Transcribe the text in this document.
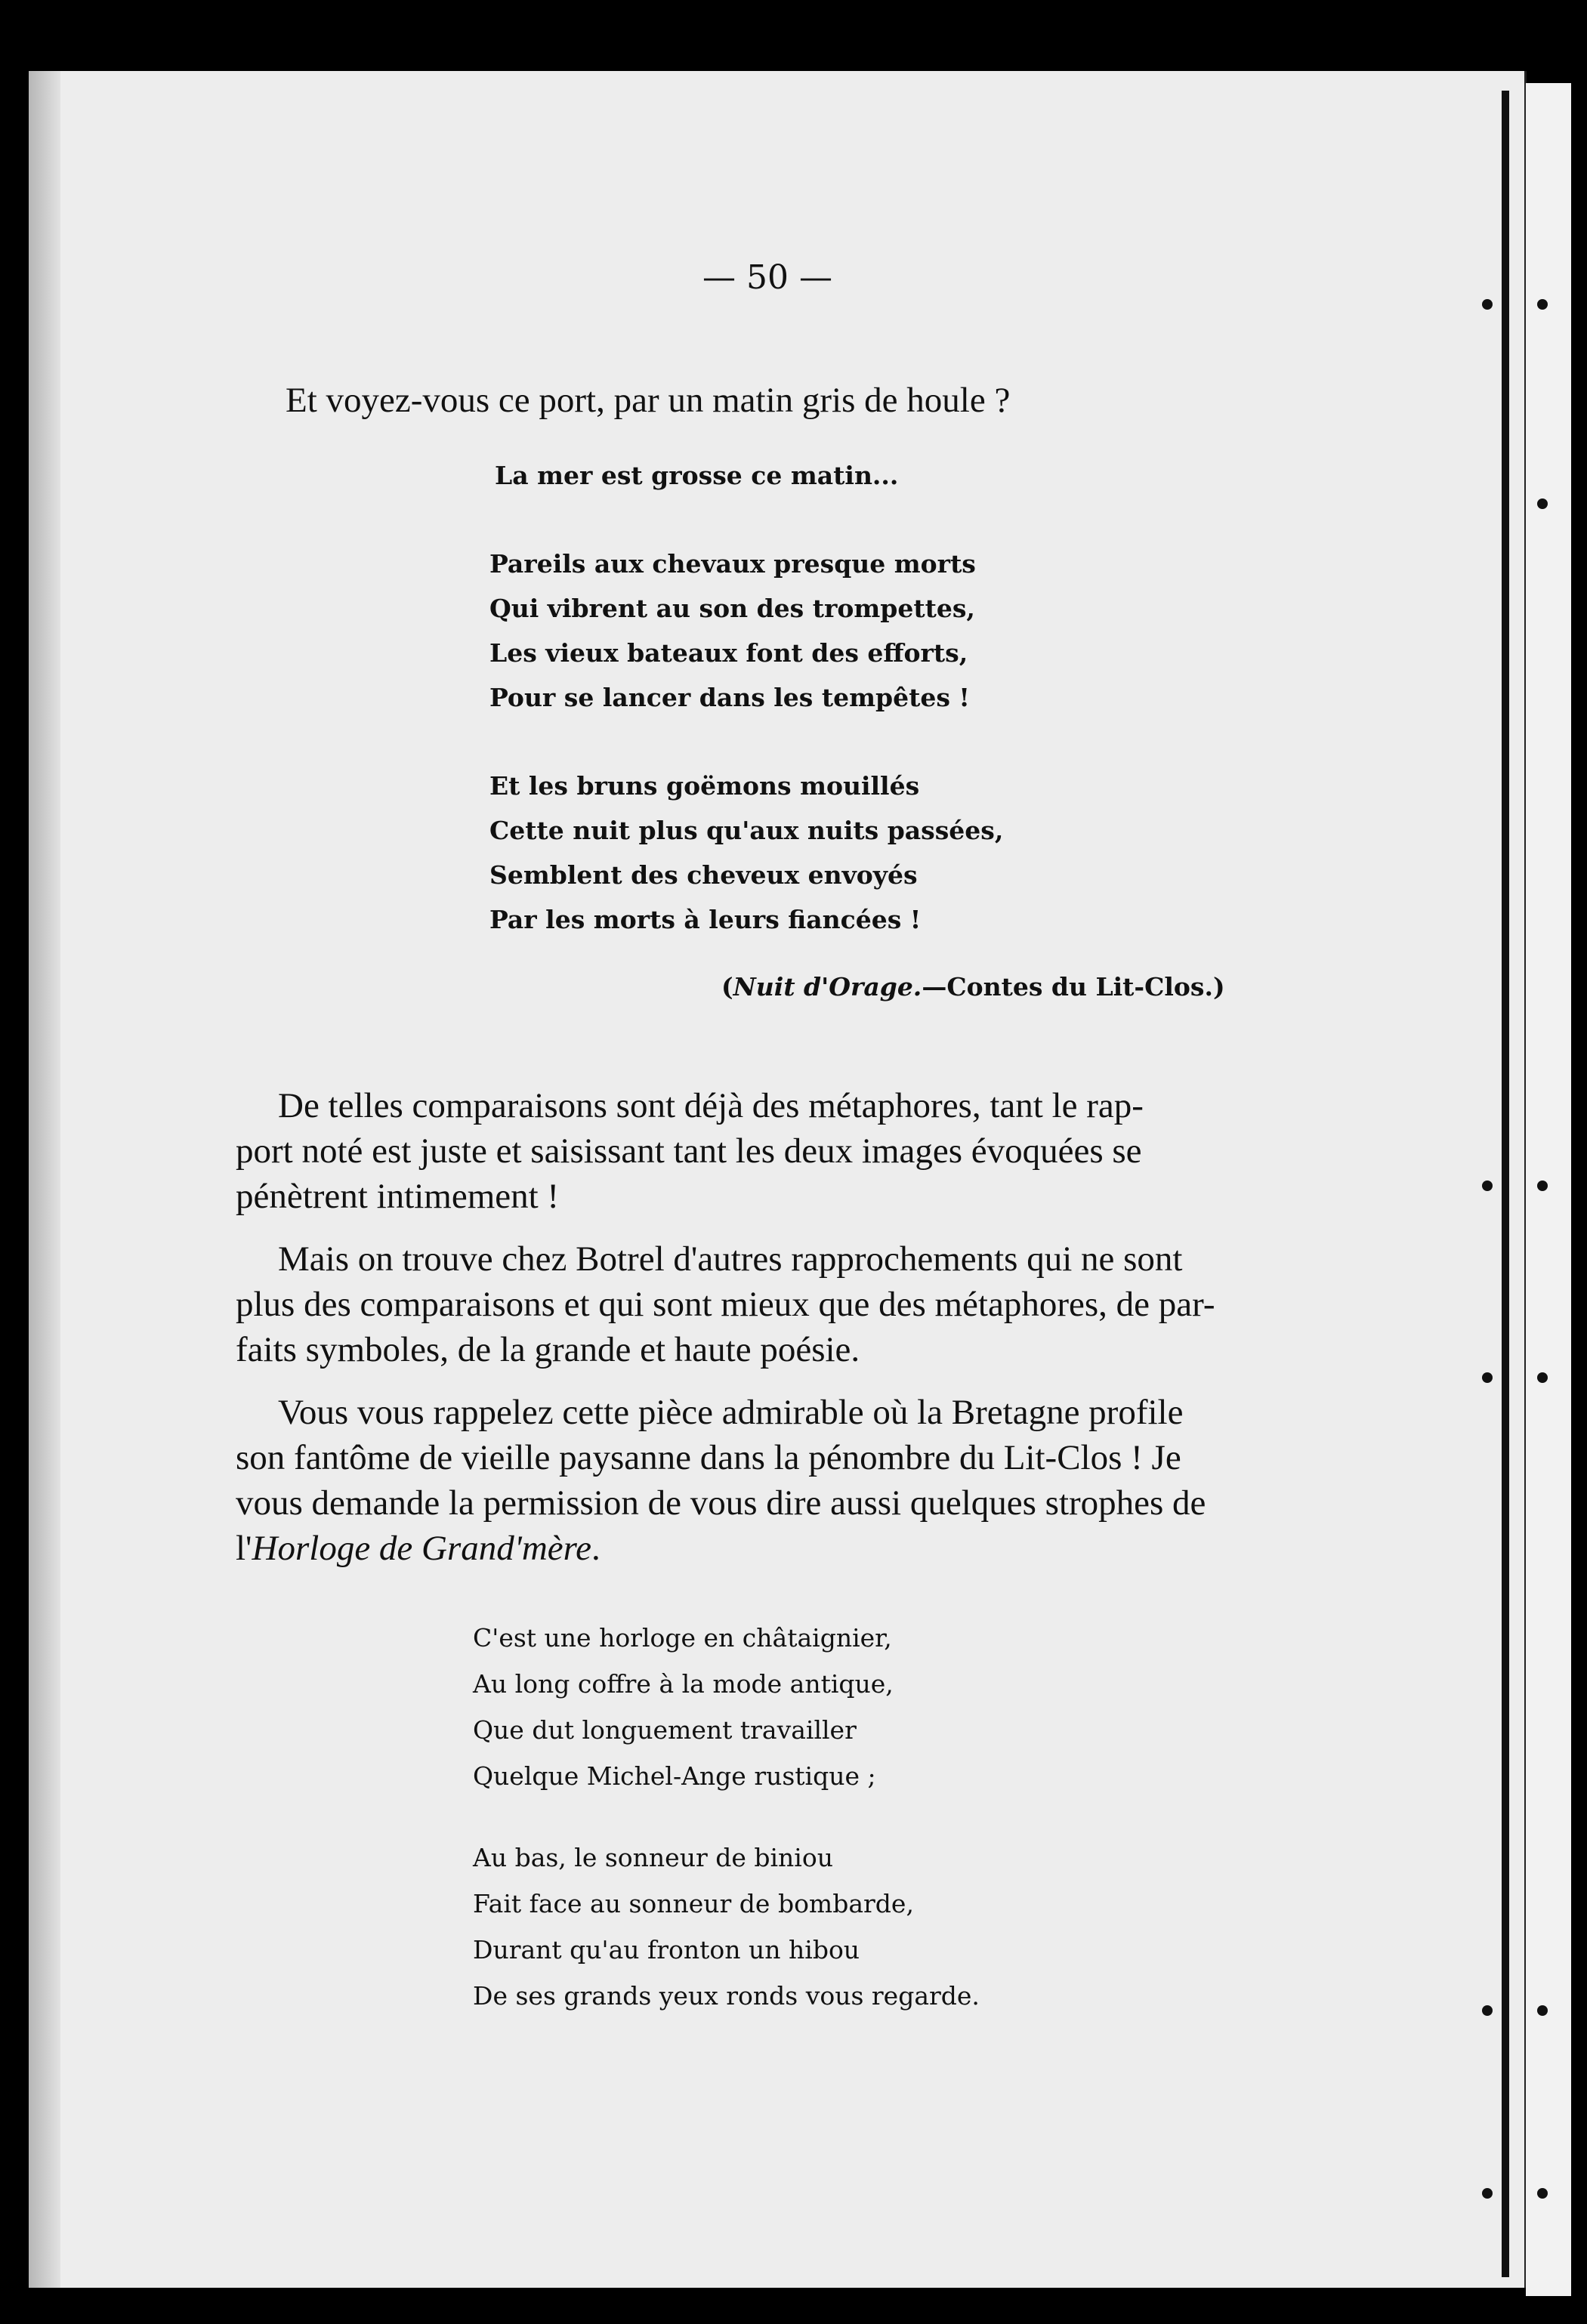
— 50 —
Et voyez-vous ce port, par un matin gris de houle ?
La mer est grosse ce matin...
Pareils aux chevaux presque morts
Qui vibrent au son des trompettes,
Les vieux bateaux font des efforts,
Pour se lancer dans les tempêtes !
Et les bruns goëmons mouillés
Cette nuit plus qu'aux nuits passées,
Semblent des cheveux envoyés
Par les morts à leurs fiancées !
(Nuit d'Orage.—Contes du Lit-Clos.)
De telles comparaisons sont déjà des métaphores, tant le rap-
port noté est juste et saisissant tant les deux images évoquées se
pénètrent intimement !
Mais on trouve chez Botrel d'autres rapprochements qui ne sont
plus des comparaisons et qui sont mieux que des métaphores, de par-
faits symboles, de la grande et haute poésie.
Vous vous rappelez cette pièce admirable où la Bretagne profile
son fantôme de vieille paysanne dans la pénombre du Lit-Clos ! Je
vous demande la permission de vous dire aussi quelques strophes de
l'Horloge de Grand'mère.
C'est une horloge en châtaignier,
Au long coffre à la mode antique,
Que dut longuement travailler
Quelque Michel-Ange rustique ;
Au bas, le sonneur de biniou
Fait face au sonneur de bombarde,
Durant qu'au fronton un hibou
De ses grands yeux ronds vous regarde.
